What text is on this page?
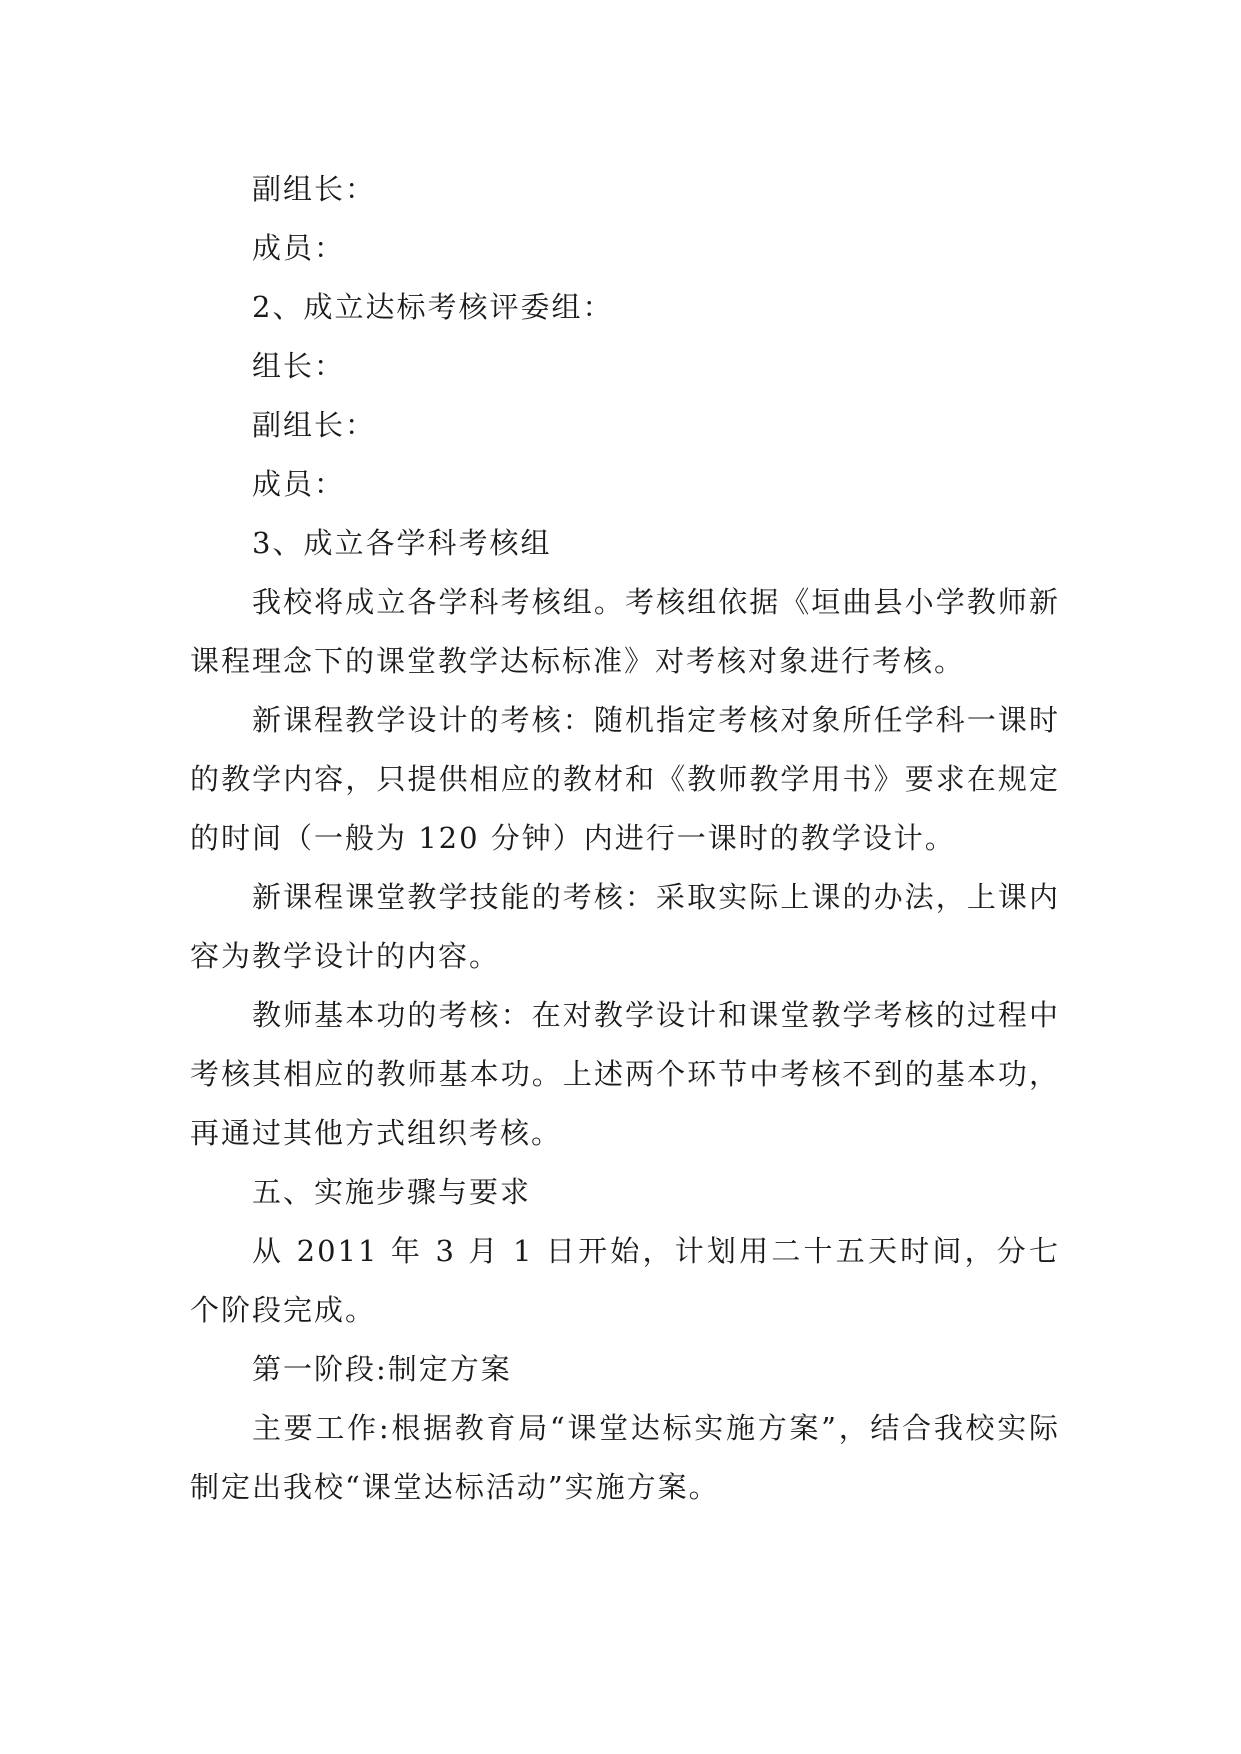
副组长：

成员：

2、成立达标考核评委组：

组长：

副组长：

成员：

3、成立各学科考核组

我校将成立各学科考核组。考核组依据《垣曲县小学教师新课程理念下的课堂教学达标标准》对考核对象进行考核。

新课程教学设计的考核：随机指定考核对象所任学科一课时的教学内容，只提供相应的教材和《教师教学用书》要求在规定的时间（一般为 120 分钟）内进行一课时的教学设计。

新课程课堂教学技能的考核：采取实际上课的办法，上课内容为教学设计的内容。

教师基本功的考核：在对教学设计和课堂教学考核的过程中考核其相应的教师基本功。上述两个环节中考核不到的基本功，再通过其他方式组织考核。

五、实施步骤与要求

从 2011 年 3 月 1 日开始，计划用二十五天时间，分七个阶段完成。

第一阶段:制定方案

主要工作:根据教育局“课堂达标实施方案”，结合我校实际制定出我校“课堂达标活动”实施方案。
